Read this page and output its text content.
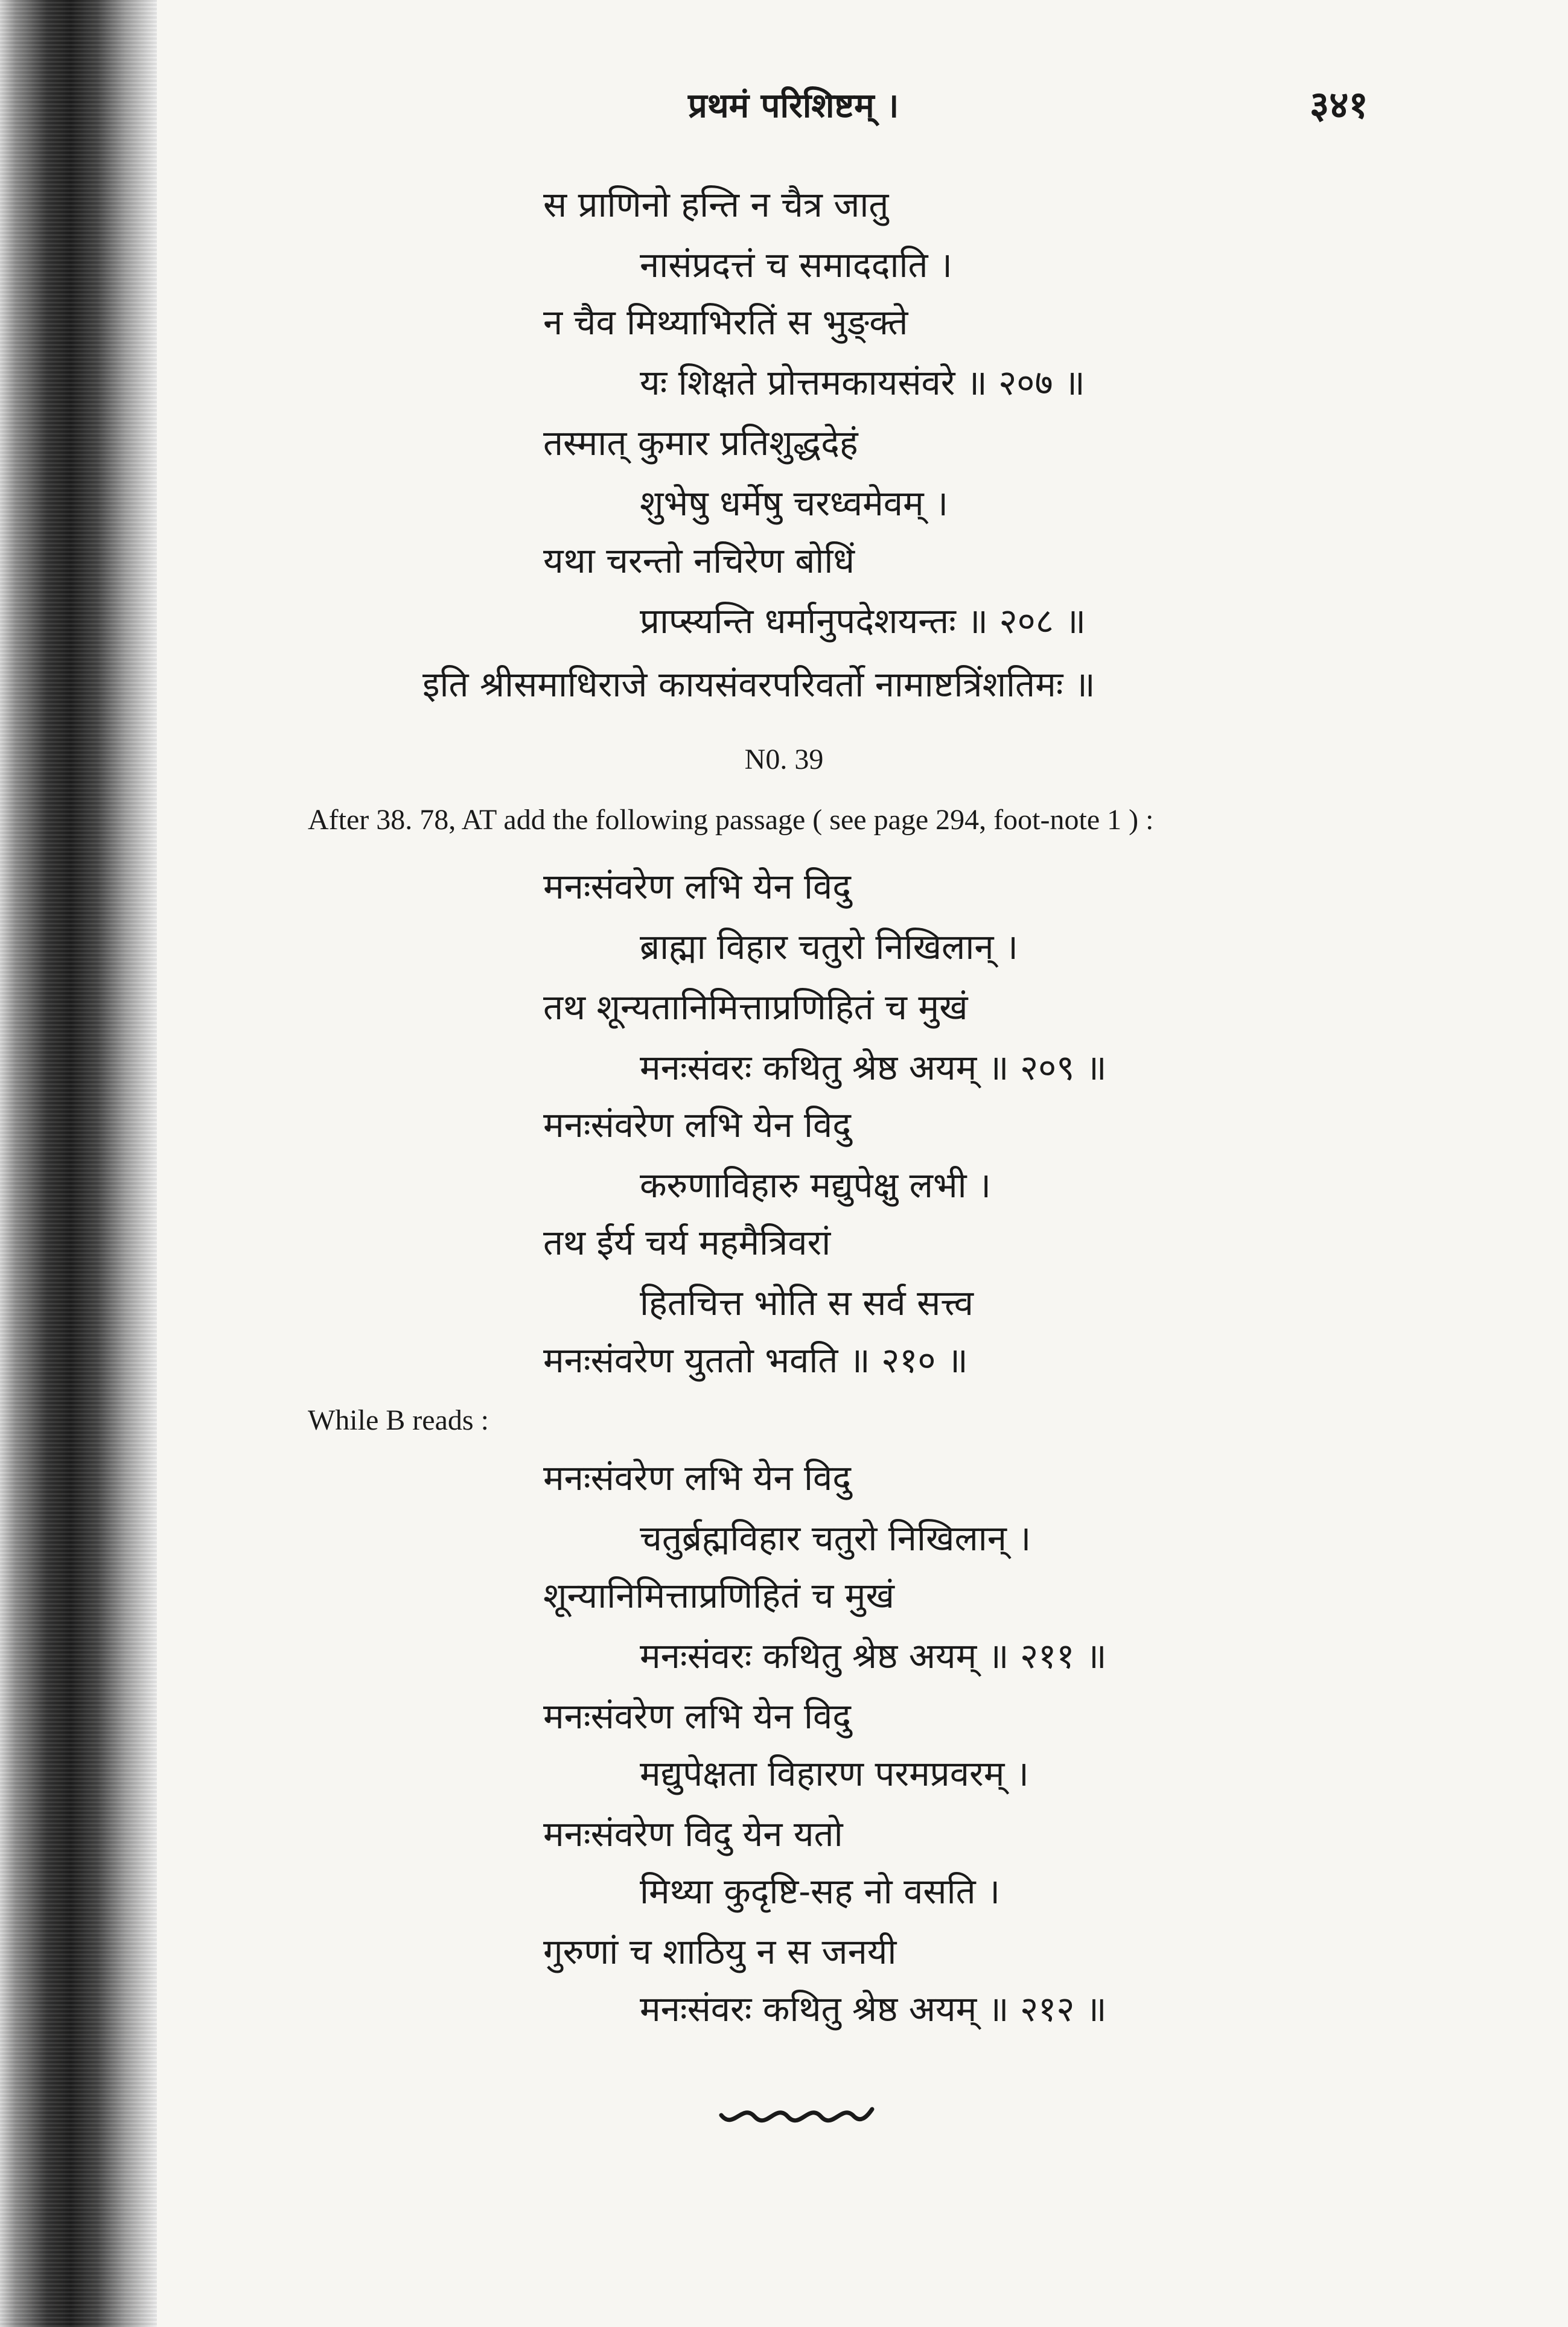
प्रथमं परिशिष्टम् ।	३४१
स प्राणिनो हन्ति न चैत्र जातु
नासंप्रदत्तं च समाददाति ।
न चैव मिथ्याभिरतिं स भुङ्क्ते
यः शिक्षते प्रोत्तमकायसंवरे ॥ २०७ ॥
तस्मात् कुमार प्रतिशुद्धदेहं
शुभेषु धर्मेषु चरध्वमेवम् ।
यथा चरन्तो नचिरेण बोधिं
प्राप्स्यन्ति धर्मानुपदेशयन्तः ॥ २०८ ॥
इति श्रीसमाधिराजे कायसंवरपरिवर्तो नामाष्टत्रिंशतिमः ॥
N0. 39
After 38. 78, AT add the following passage ( see page 294, foot-note 1 ) :
मनःसंवरेण लभि येन विदु
ब्राह्मा विहार चतुरो निखिलान् ।
तथ शून्यतानिमित्ताप्रणिहितं च मुखं
मनःसंवरः कथितु श्रेष्ठ अयम् ॥ २०९ ॥
मनःसंवरेण लभि येन विदु
करुणाविहारु मद्युपेक्षु लभी ।
तथ ईर्य चर्य महमैत्रिवरां
हितचित्त भोति स सर्व सत्त्व
मनःसंवरेण युततो भवति ॥ २१० ॥
While B reads :
मनःसंवरेण लभि येन विदु
चतुर्ब्रह्मविहार चतुरो निखिलान् ।
शून्यानिमित्ताप्रणिहितं च मुखं
मनःसंवरः कथितु श्रेष्ठ अयम् ॥ २११ ॥
मनःसंवरेण लभि येन विदु
मद्युपेक्षता विहारण परमप्रवरम् ।
मनःसंवरेण विदु येन यतो
मिथ्या कुदृष्टि-सह नो वसति ।
गुरुणां च शाठियु न स जनयी
मनःसंवरः कथितु श्रेष्ठ अयम् ॥ २१२ ॥
